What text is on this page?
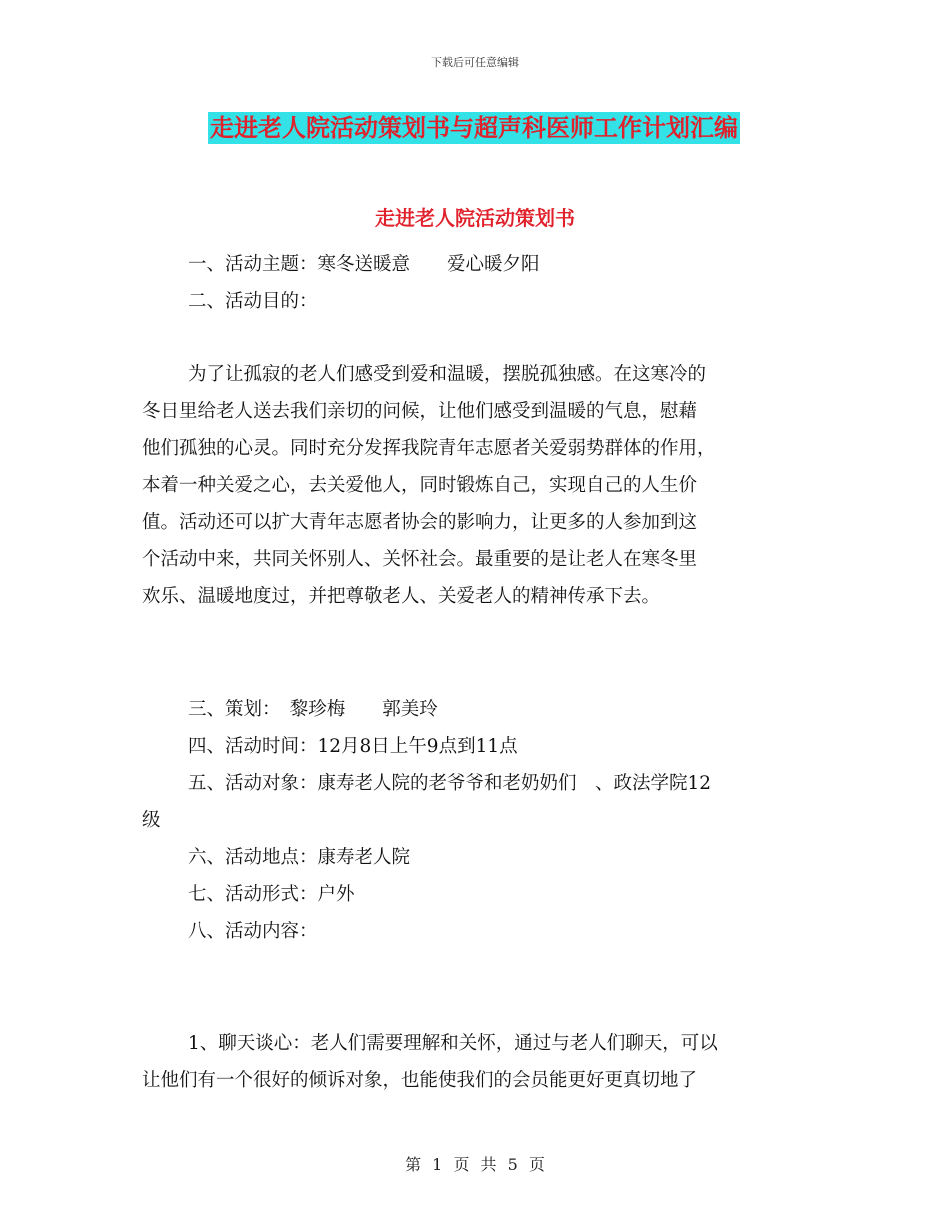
下载后可任意编辑
走进老人院活动策划书与超声科医师工作计划汇编
走进老人院活动策划书
一、活动主题：寒冬送暖意　　爱心暖夕阳
二、活动目的：
为了让孤寂的老人们感受到爱和温暖，摆脱孤独感。在这寒冷的
冬日里给老人送去我们亲切的问候，让他们感受到温暖的气息，慰藉
他们孤独的心灵。同时充分发挥我院青年志愿者关爱弱势群体的作用，
本着一种关爱之心，去关爱他人，同时锻炼自己，实现自己的人生价
值。活动还可以扩大青年志愿者协会的影响力，让更多的人参加到这
个活动中来，共同关怀别人、关怀社会。最重要的是让老人在寒冬里
欢乐、温暖地度过，并把尊敬老人、关爱老人的精神传承下去。
三、策划：　黎珍梅　　郭美玲
四、活动时间：12月8日上午9点到11点
五、活动对象：康寿老人院的老爷爷和老奶奶们　、政法学院12
级
六、活动地点：康寿老人院
七、活动形式：户外
八、活动内容：
1、聊天谈心：老人们需要理解和关怀，通过与老人们聊天，可以
让他们有一个很好的倾诉对象，也能使我们的会员能更好更真切地了
第 1 页 共 5 页
